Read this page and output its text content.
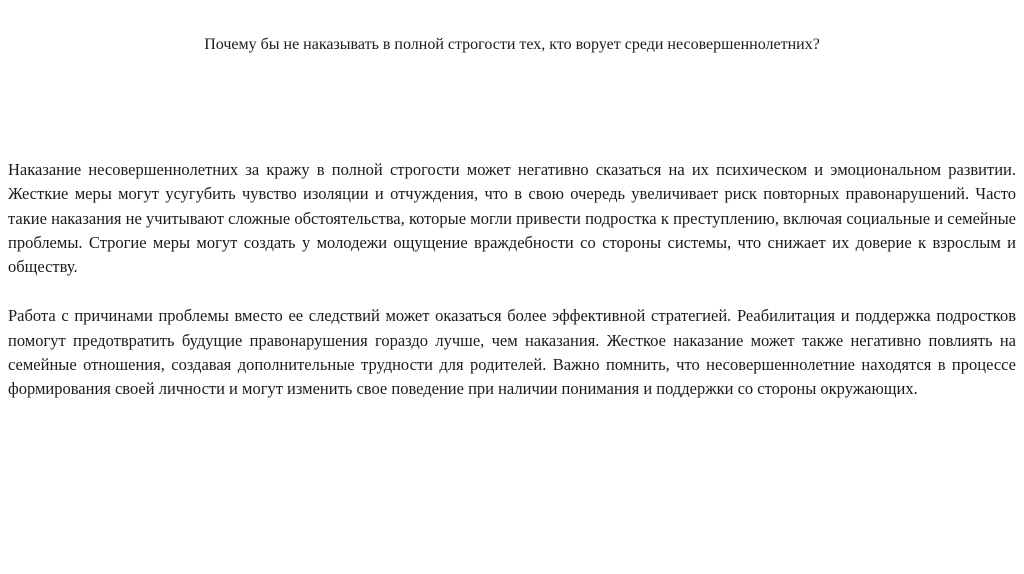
Почему бы не наказывать в полной строгости тех, кто ворует среди несовершеннолетних?

Наказание несовершеннолетних за кражу в полной строгости может негативно сказаться на их психическом и эмоциональном развитии. Жесткие меры могут усугубить чувство изоляции и отчуждения, что в свою очередь увеличивает риск повторных правонарушений. Часто такие наказания не учитывают сложные обстоятельства, которые могли привести подростка к преступлению, включая социальные и семейные проблемы. Строгие меры могут создать у молодежи ощущение враждебности со стороны системы, что снижает их доверие к взрослым и обществу.

Работа с причинами проблемы вместо ее следствий может оказаться более эффективной стратегией. Реабилитация и поддержка подростков помогут предотвратить будущие правонарушения гораздо лучше, чем наказания. Жесткое наказание может также негативно повлиять на семейные отношения, создавая дополнительные трудности для родителей. Важно помнить, что несовершеннолетние находятся в процессе формирования своей личности и могут изменить свое поведение при наличии понимания и поддержки со стороны окружающих.
